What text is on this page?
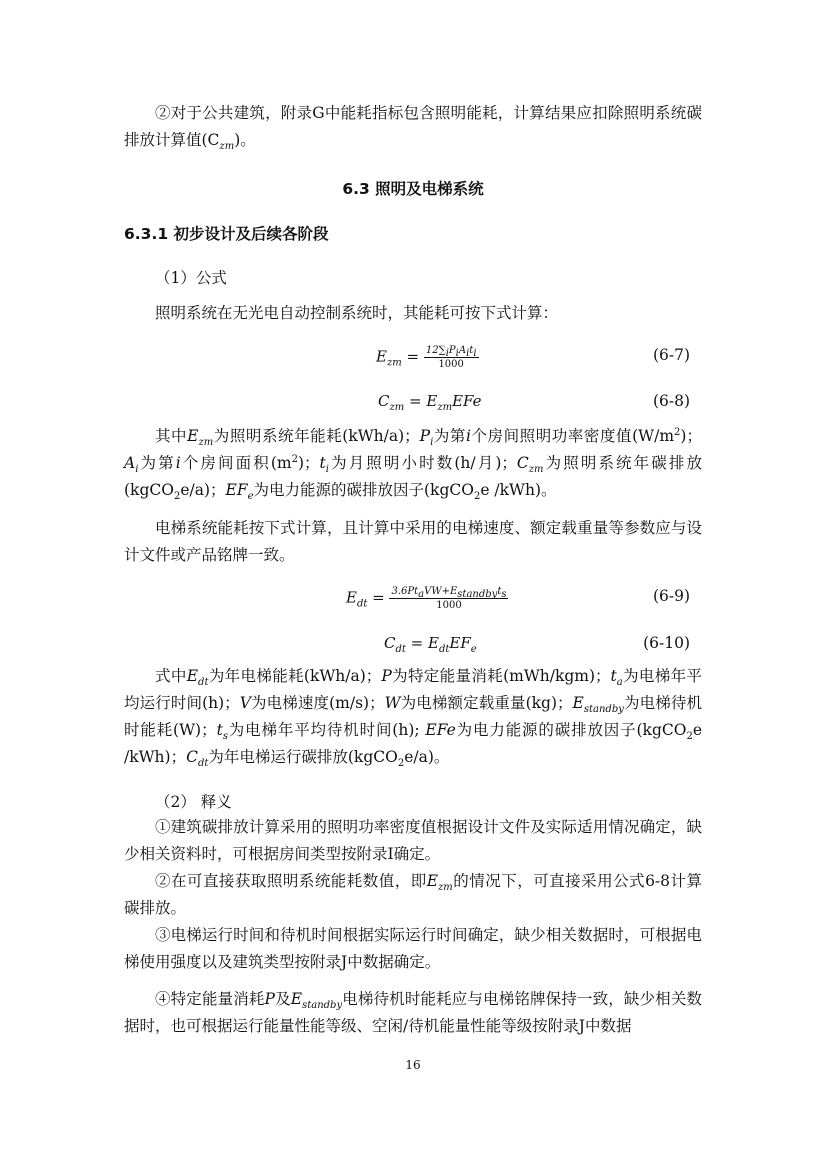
②对于公共建筑，附录G中能耗指标包含照明能耗，计算结果应扣除照明系统碳排放计算值$(C_{zm})$。
6.3 照明及电梯系统
6.3.1 初步设计及后续各阶段
（1）公式
照明系统在无光电自动控制系统时，其能耗可按下式计算：
$E_{zm} = \frac{12\sum_iP_iA_it_i}{1000}$	(6-7)
$C_{zm} = E_{zm}EFe$	(6-8)
其中$E_{zm}$为照明系统年能耗(kWh/a)；$P_i$为第i个房间照明功率密度值$(W/m^2)$；$A_i$为第i个房间面积$(m^2)$；$t_i$为月照明小时数(h/月)；$C_{zm}$为照明系统年碳排放(kgCO$_2$e/a)；$EF_e$为电力能源的碳排放因子(kgCO$_2$e /kWh)。
电梯系统能耗按下式计算，且计算中采用的电梯速度、额定载重量等参数应与设计文件或产品铭牌一致。
$E_{dt} = \frac{3.6Pt_aVW+E_{standby}t_s}{1000}$	(6-9)
$C_{dt} = E_{dt}EF_e$	(6-10)
式中$E_{dt}$为年电梯能耗(kWh/a)；P为特定能量消耗(mWh/kgm)；$t_a$为电梯年平均运行时间(h)；V为电梯速度(m/s)；W为电梯额定载重量(kg)；$E_{standby}$为电梯待机时能耗(W)；$t_s$为电梯年平均待机时间(h); EFe为电力能源的碳排放因子(kgCO$_2$e /kWh)；$C_{dt}$为年电梯运行碳排放(kgCO$_2$e/a)。
（2） 释义
①建筑碳排放计算采用的照明功率密度值根据设计文件及实际适用情况确定，缺少相关资料时，可根据房间类型按附录I确定。
②在可直接获取照明系统能耗数值，即$E_{zm}$的情况下，可直接采用公式6-8计算碳排放。
③电梯运行时间和待机时间根据实际运行时间确定，缺少相关数据时，可根据电梯使用强度以及建筑类型按附录J中数据确定。
④特定能量消耗P及$E_{standby}$电梯待机时能耗应与电梯铭牌保持一致，缺少相关数据时，也可根据运行能量性能等级、空闲/待机能量性能等级按附录J中数据
16
